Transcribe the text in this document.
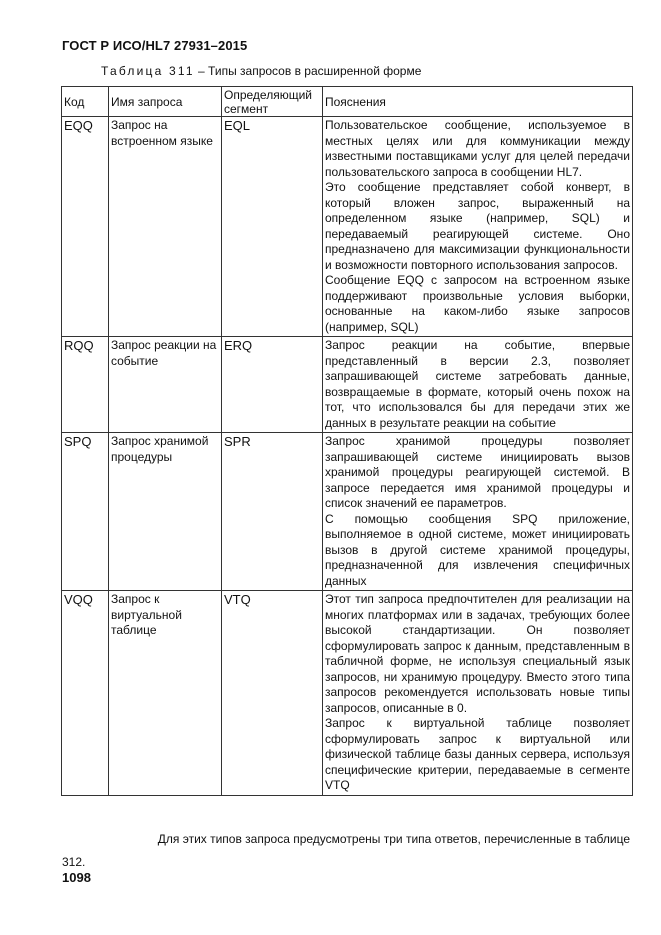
ГОСТ Р ИСО/HL7 27931–2015
Таблица 311 – Типы запросов в расширенной форме
Код	Имя запроса	Определяющий сегмент	Пояснения
EQQ	Запрос на встроенном языке	EQL	Пользовательское сообщение, используемое в местных целях или для коммуникации между известными поставщиками услуг для целей передачи пользовательского запроса в сообщении HL7.

Это сообщение представляет собой конверт, в который вложен запрос, выраженный на определенном языке (например, SQL) и передаваемый реагирующей системе. Оно предназначено для максимизации функциональности и возможности повторного использования запросов.

Сообщение EQQ с запросом на встроенном языке поддерживают произвольные условия выборки, основанные на каком-либо языке запросов (например, SQL)

RQQ	Запрос реакции на событие	ERQ	Запрос реакции на событие, впервые представленный в версии 2.3, позволяет запрашивающей системе затребовать данные, возвращаемые в формате, который очень похож на тот, что использовался бы для передачи этих же данных в результате реакции на событие

SPQ	Запрос хранимой процедуры	SPR	Запрос хранимой процедуры позволяет запрашивающей системе инициировать вызов хранимой процедуры реагирующей системой. В запросе передается имя хранимой процедуры и список значений ее параметров.

С помощью сообщения SPQ приложение, выполняемое в одной системе, может инициировать вызов в другой системе хранимой процедуры, предназначенной для извлечения специфичных данных

VQQ	Запрос к виртуальной таблице	VTQ	Этот тип запроса предпочтителен для реализации на многих платформах или в задачах, требующих более высокой стандартизации. Он позволяет сформулировать запрос к данным, представленным в табличной форме, не используя специальный язык запросов, ни хранимую процедуру. Вместо этого типа запросов рекомендуется использовать новые типы запросов, описанные в 0.

Запрос к виртуальной таблице позволяет сформулировать запрос к виртуальной или физической таблице базы данных сервера, используя специфические критерии, передаваемые в сегменте VTQ

Для этих типов запроса предусмотрены три типа ответов, перечисленные в таблице
312.
1098
